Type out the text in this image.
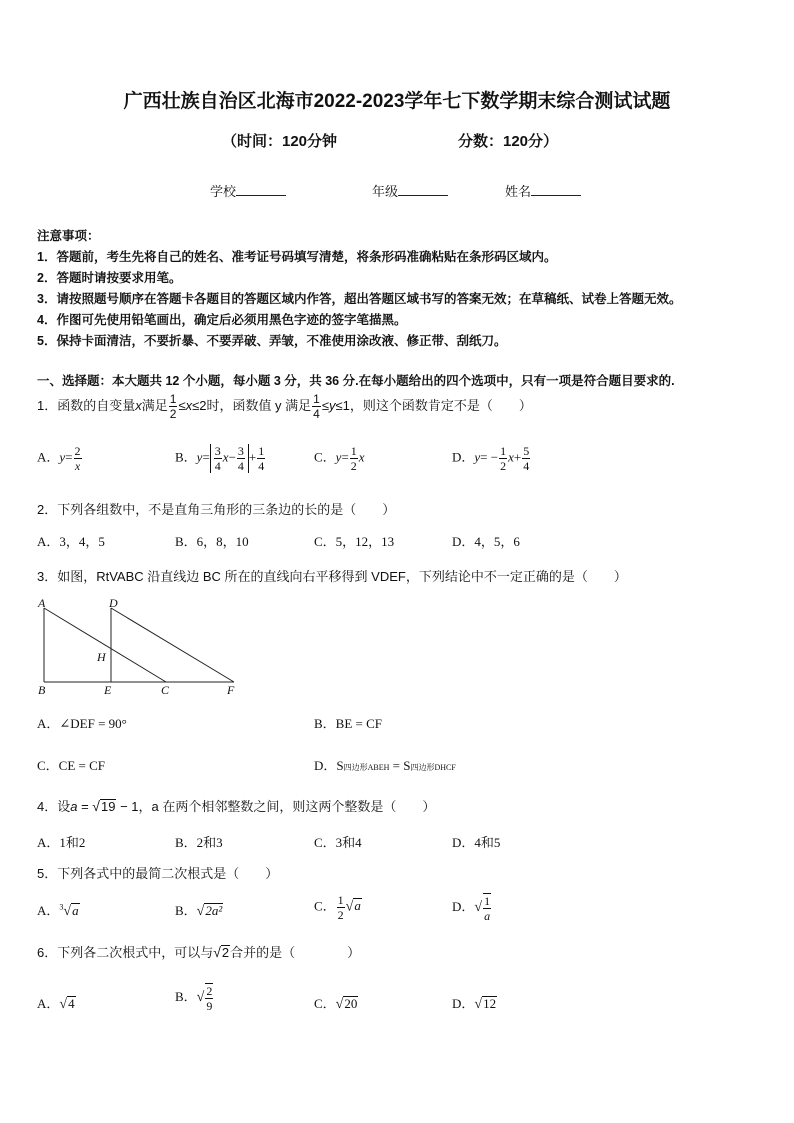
广西壮族自治区北海市2022-2023学年七下数学期末综合测试试题
（时间：120分钟	分数：120分）
学校	年级	姓名
注意事项：
1．答题前，考生先将自己的姓名、准考证号码填写清楚，将条形码准确粘贴在条形码区域内。
2．答题时请按要求用笔。
3．请按照题号顺序在答题卡各题目的答题区域内作答，超出答题区域书写的答案无效；在草稿纸、试卷上答题无效。
4．作图可先使用铅笔画出，确定后必须用黑色字迹的签字笔描黑。
5．保持卡面清洁，不要折暴、不要弄破、弄皱，不准使用涂改液、修正带、刮纸刀。
一、选择题：本大题共 12 个小题，每小题 3 分，共 36 分.在每小题给出的四个选项中，只有一项是符合题目要求的.
1．函数的自变量x满足 $\frac{1}{2} \le x\le 2$时，函数值 y 满足 $\frac{1}{4} \le y\le 1$，则这个函数肯定不是（　　）
A．$y= \frac{2}{x}$	B．$y= \frac{3}{4} x- \frac{3}{4} + \frac{1}{4}$	C．$y= \frac{1}{2}$ x	D．$y= - \frac{1}{2} x+ \frac{5}{4}$
2．下列各组数中，不是直角三角形的三条边的长的是（　　）
A．3，4，5	B．6，8，10	C．5，12，13	D．4，5，6
3．如图，RtVABC 沿直线边 BC 所在的直线向右平移得到 VDEF，下列结论中不一定正确的是（　　）
A	D
H
B	E	C	F
A．∠DEF = 90°	B．BE = CF
C．CE = CF	D．S四边形ABEH = S四边形DHCF
4．设a = √19 − 1，a 在两个相邻整数之间，则这两个整数是（　　）
A．1和2	B．2和3	C．3和4	D．4和5
5．下列各式中的最简二次根式是（　　）
A．$^3$√a	B．√2a²	C． $\frac{1}{2} √a$	D．√ $\frac{1}{a}$
6．下列各二次根式中，可以与√2合并的是（　　　　）
A．√4	B．√ $\frac{2}{9}$	C．√20	D．√12
